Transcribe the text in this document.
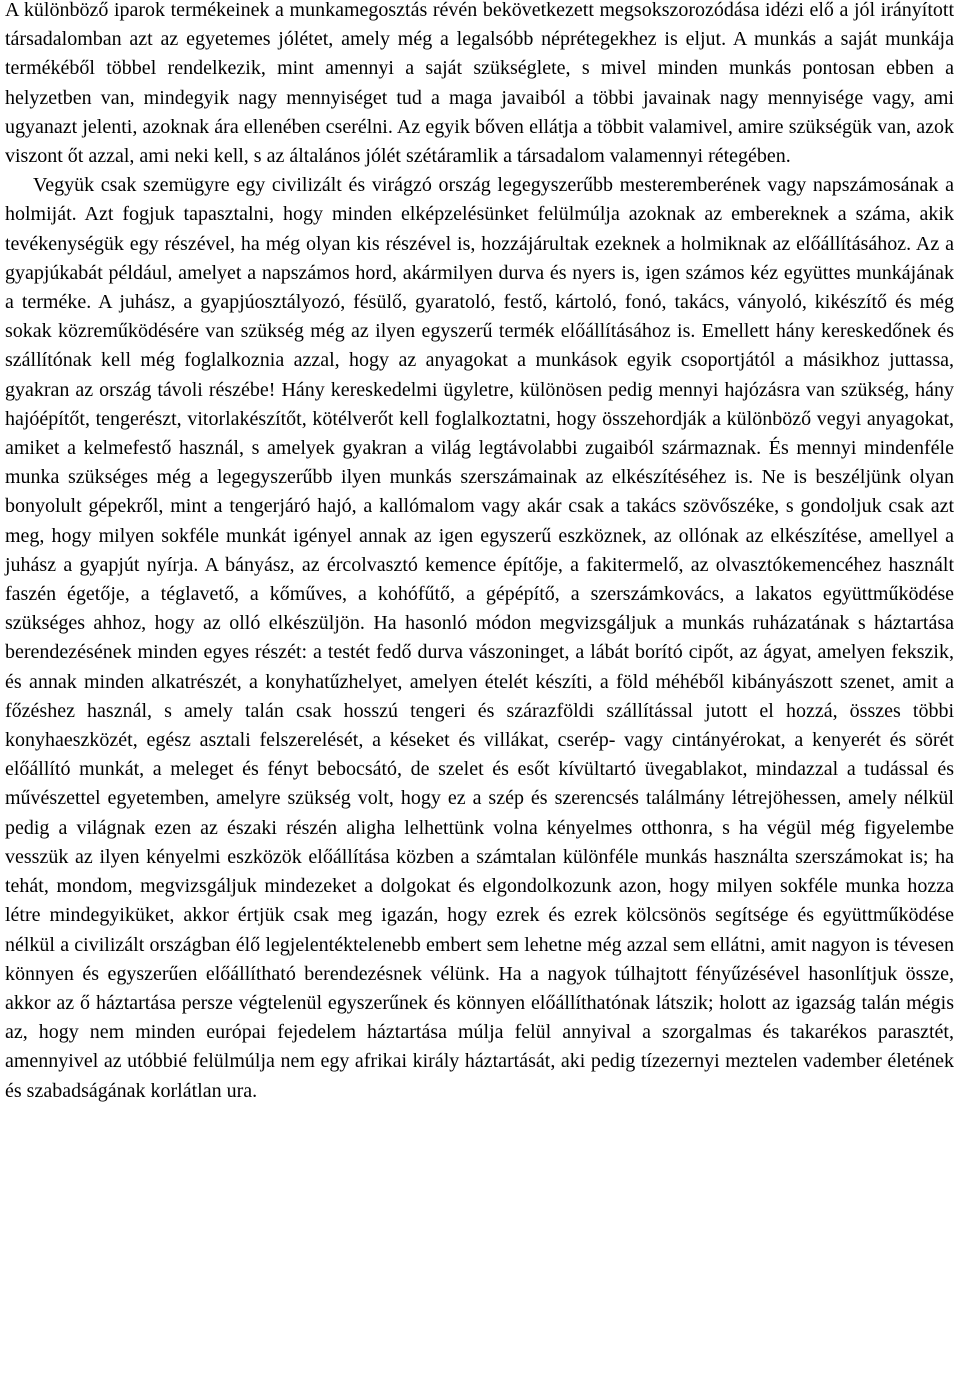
A különböző iparok termékeinek a munkamegosztás révén bekövetkezett megsokszorozódása idézi elő a jól irányított társadalomban azt az egyetemes jólétet, amely még a legalsóbb néprétegekhez is eljut. A munkás a saját munkája termékéből többel rendelkezik, mint amennyi a saját szükséglete, s mivel minden munkás pontosan ebben a helyzetben van, mindegyik nagy mennyiséget tud a maga javaiból a többi javainak nagy mennyisége vagy, ami ugyanazt jelenti, azoknak ára ellenében cserélni. Az egyik bőven ellátja a többit valamivel, amire szükségük van, azok viszont őt azzal, ami neki kell, s az általános jólét szétáramlik a társadalom valamennyi rétegében.

Vegyük csak szemügyre egy civilizált és virágzó ország legegyszerűbb mesteremberének vagy napszámosának a holmiját. Azt fogjuk tapasztalni, hogy minden elképzelésünket felülmúlja azoknak az embereknek a száma, akik tevékenységük egy részével, ha még olyan kis részével is, hozzájárultak ezeknek a holmiknak az előállításához. Az a gyapjúkabát például, amelyet a napszámos hord, akármilyen durva és nyers is, igen számos kéz együttes munkájának a terméke. A juhász, a gyapjúosztályozó, fésülő, gyaratoló, festő, kártoló, fonó, takács, ványoló, kikészítő és még sokak közreműködésére van szükség még az ilyen egyszerű termék előállításához is. Emellett hány kereskedőnek és szállítónak kell még foglalkoznia azzal, hogy az anyagokat a munkások egyik csoportjától a másikhoz juttassa, gyakran az ország távoli részébe! Hány kereskedelmi ügyletre, különösen pedig mennyi hajózásra van szükség, hány hajóépítőt, tengerészt, vitorlakészítőt, kötélverőt kell foglalkoztatni, hogy összehordják a különböző vegyi anyagokat, amiket a kelmefestő használ, s amelyek gyakran a világ legtávolabbi zugaiból származnak. És mennyi mindenféle munka szükséges még a legegyszerűbb ilyen munkás szerszámainak az elkészítéséhez is. Ne is beszéljünk olyan bonyolult gépekről, mint a tengerjáró hajó, a kallómalom vagy akár csak a takács szövőszéke, s gondoljuk csak azt meg, hogy milyen sokféle munkát igényel annak az igen egyszerű eszköznek, az ollónak az elkészítése, amellyel a juhász a gyapjút nyírja. A bányász, az ércolvasztó kemence építője, a fakitermelő, az olvasztókemencéhez használt faszén égetője, a téglavető, a kőműves, a kohófűtő, a gépépítő, a szerszámkovács, a lakatos együttműködése szükséges ahhoz, hogy az olló elkészüljön. Ha hasonló módon megvizsgáljuk a munkás ruházatának s háztartása berendezésének minden egyes részét: a testét fedő durva vászoninget, a lábát borító cipőt, az ágyat, amelyen fekszik, és annak minden alkatrészét, a konyhatűzhelyet, amelyen ételét készíti, a föld méhéből kibányászott szenet, amit a főzéshez használ, s amely talán csak hosszú tengeri és szárazföldi szállítással jutott el hozzá, összes többi konyhaeszközét, egész asztali felszerelését, a késeket és villákat, cserép- vagy cintányérokat, a kenyerét és sörét előállító munkát, a meleget és fényt bebocsátó, de szelet és esőt kívültartó üvegablakot, mindazzal a tudással és művészettel egyetemben, amelyre szükség volt, hogy ez a szép és szerencsés találmány létrejöhessen, amely nélkül pedig a világnak ezen az északi részén aligha lelhettünk volna kényelmes otthonra, s ha végül még figyelembe vesszük az ilyen kényelmi eszközök előállítása közben a számtalan különféle munkás használta szerszámokat is; ha tehát, mondom, megvizsgáljuk mindezeket a dolgokat és elgondolkozunk azon, hogy milyen sokféle munka hozza létre mindegyiküket, akkor értjük csak meg igazán, hogy ezrek és ezrek kölcsönös segítsége és együttműködése nélkül a civilizált országban élő legjelentéktelenebb embert sem lehetne még azzal sem ellátni, amit nagyon is tévesen könnyen és egyszerűen előállítható berendezésnek vélünk. Ha a nagyok túlhajtott fényűzésével hasonlítjuk össze, akkor az ő háztartása persze végtelenül egyszerűnek és könnyen előállíthatónak látszik; holott az igazság talán mégis az, hogy nem minden európai fejedelem háztartása múlja felül annyival a szorgalmas és takarékos parasztét, amennyivel az utóbbié felülmúlja nem egy afrikai király háztartását, aki pedig tízezernyi meztelen vadember életének és szabadságának korlátlan ura.
